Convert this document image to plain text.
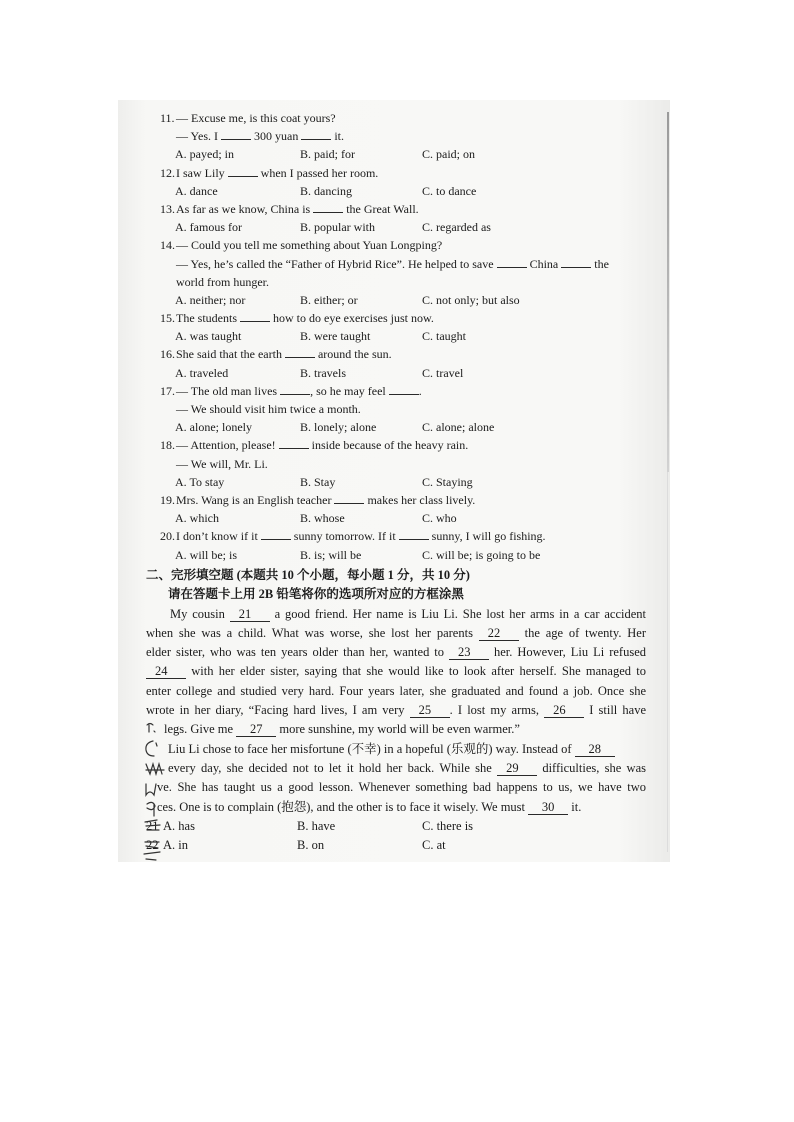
11.— Excuse me, is this coat yours?
— Yes. I	300 yuan	it.
A. payed; in	B. paid; for	C. paid; on
12.I saw Lily	when I passed her room.
A. dance	B. dancing	C. to dance
13.As far as we know, China is	the Great Wall.
A. famous for	B. popular with	C. regarded as
14.— Could you tell me something about Yuan Longping?
— Yes, he’s called the “Father of Hybrid Rice”. He helped to save	China	the
world from hunger.
A. neither; nor	B. either; or	C. not only; but also
15.The students	how to do eye exercises just now.
A. was taught	B. were taught	C. taught
16.She said that the earth	around the sun.
A. traveled	B. travels	C. travel
17.— The old man lives	, so he may feel	.
— We should visit him twice a month.
A. alone; lonely	B. lonely; alone	C. alone; alone
18.— Attention, please!	inside because of the heavy rain.
— We will, Mr. Li.
A. To stay	B. Stay	C. Staying
19.Mrs. Wang is an English teacher	makes her class lively.
A. which	B. whose	C. who
20.I don’t know if it	sunny tomorrow. If it	sunny, I will go fishing.
A. will be; is	B. is; will be	C. will be; is going to be
二、完形填空题 (本题共 10 个小题，每小题 1 分，共 10 分)
请在答题卡上用 2B 铅笔将你的选项所对应的方框涂黑
My cousin 21 a good friend. Her name is Liu Li. She lost her arms in a car accident
when she was a child. What was worse, she lost her parents 22 the age of twenty. Her
elder sister, who was ten years older than her, wanted to 23 her. However, Liu Li refused
24 with her elder sister, saying that she would like to look after herself. She managed to
enter college and studied very hard. Four years later, she graduated and found a job. Once she
wrote in her diary, “Facing hard lives, I am very 25 . I lost my arms, 26 I still have
legs. Give me 27 more sunshine, my world will be even warmer.”
Liu Li chose to face her misfortune (不幸) in a hopeful (乐观的) way. Instead of 28
every day, she decided not to let it hold her back. While she 29 difficulties, she was
ve. She has taught us a good lesson. Whenever something bad happens to us, we have two
ces. One is to complain (抱怨), and the other is to face it wisely. We must 30 it.
21 A. has	B. have	C. there is
22 A. in	B. on	C. at
